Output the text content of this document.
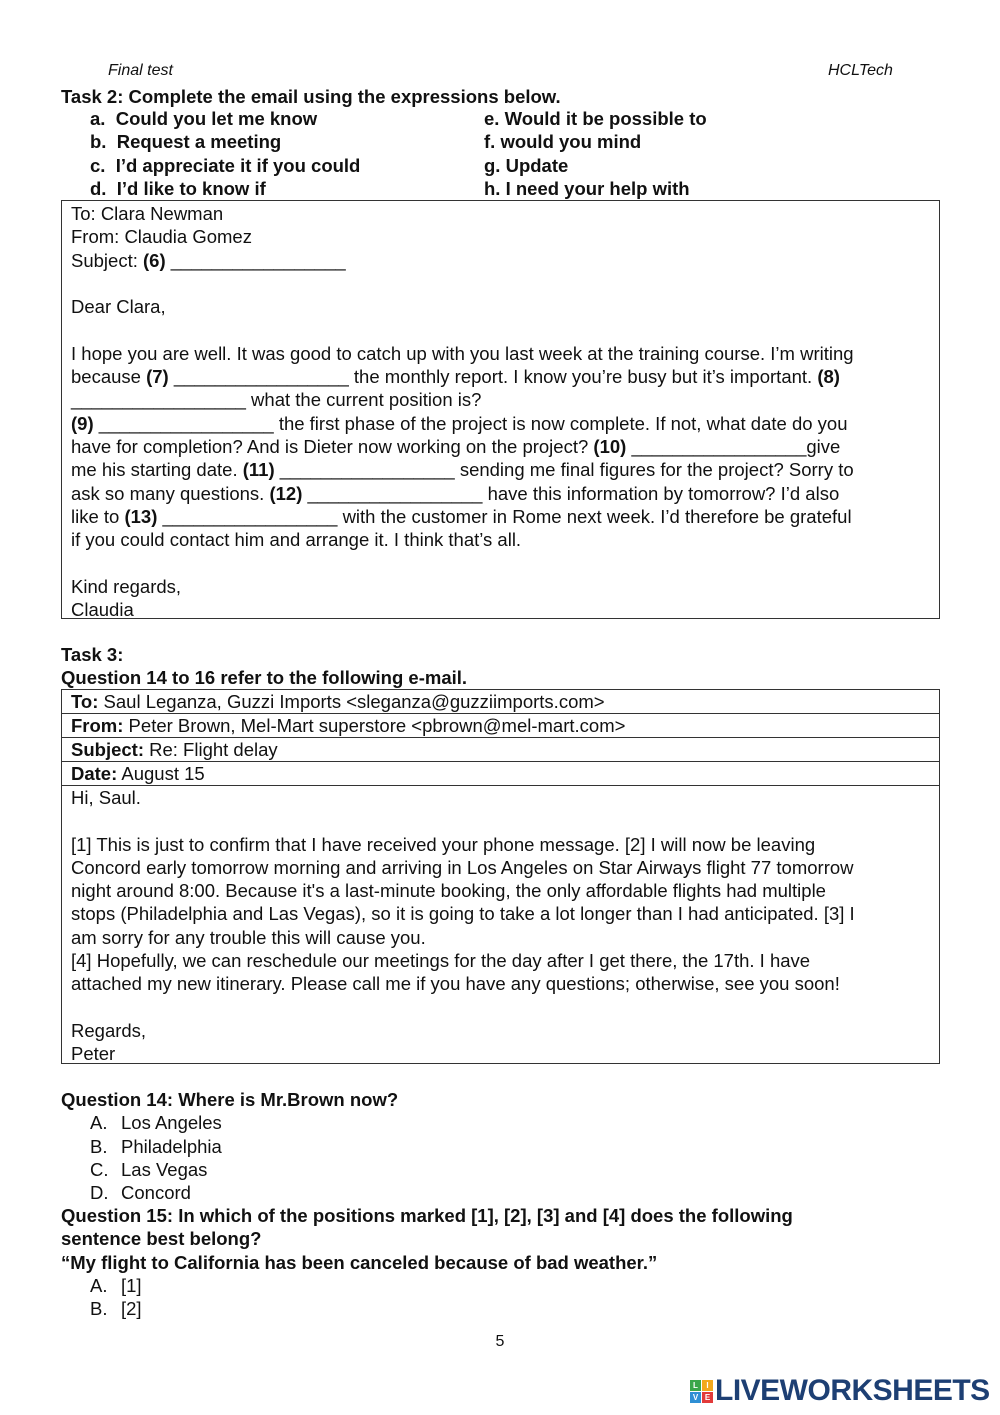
Final test	HCLTech
Task 2: Complete the email using the expressions below.
a.  Could you let me know	e. Would it be possible to
b.  Request a meeting	f. would you mind
c.  I’d appreciate it if you could	g. Update
d.  I’d like to know if	h. I need your help with
To: Clara Newman
From: Claudia Gomez
Subject: (6) _________________
Dear Clara,
I hope you are well. It was good to catch up with you last week at the training course. I’m writing
because (7) _________________ the monthly report. I know you’re busy but it’s important. (8)
_________________ what the current position is?
(9) _________________ the first phase of the project is now complete. If not, what date do you
have for completion? And is Dieter now working on the project? (10) _________________give
me his starting date. (11) _________________ sending me final figures for the project? Sorry to
ask so many questions. (12) _________________ have this information by tomorrow? I’d also
like to (13) _________________ with the customer in Rome next week. I’d therefore be grateful
if you could contact him and arrange it. I think that’s all.
Kind regards,
Claudia
Task 3:
Question 14 to 16 refer to the following e-mail.
To: Saul Leganza, Guzzi Imports <sleganza@guzziimports.com>
From: Peter Brown, Mel-Mart superstore <pbrown@mel-mart.com>
Subject: Re: Flight delay
Date: August 15
Hi, Saul.
[1] This is just to confirm that I have received your phone message. [2] I will now be leaving
Concord early tomorrow morning and arriving in Los Angeles on Star Airways flight 77 tomorrow
night around 8:00. Because it's a last-minute booking, the only affordable flights had multiple
stops (Philadelphia and Las Vegas), so it is going to take a lot longer than I had anticipated. [3] I
am sorry for any trouble this will cause you.
[4] Hopefully, we can reschedule our meetings for the day after I get there, the 17th. I have
attached my new itinerary. Please call me if you have any questions; otherwise, see you soon!
Regards,
Peter
Question 14: Where is Mr.Brown now?
A. Los Angeles
B. Philadelphia
C. Las Vegas
D. Concord
Question 15: In which of the positions marked [1], [2], [3] and [4] does the following
sentence best belong?
“My flight to California has been canceled because of bad weather.”
A. [1]
B. [2]
5
L	I
V E LIVEWORKSHEETS
